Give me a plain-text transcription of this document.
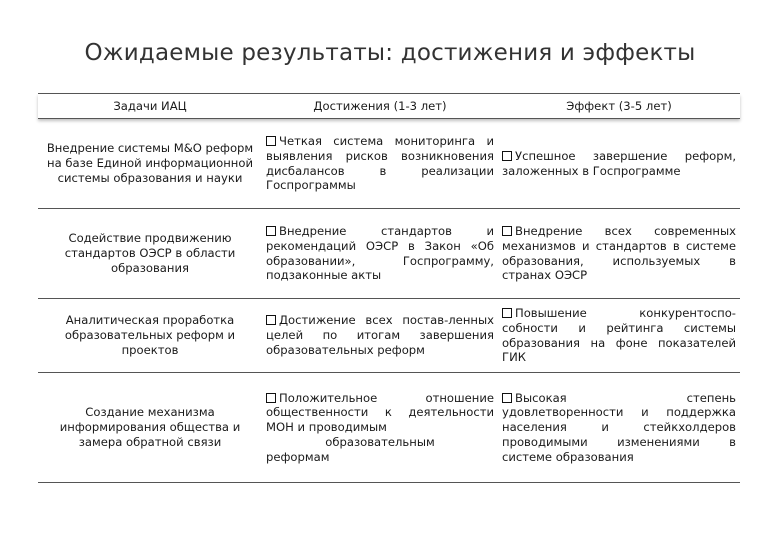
Ожидаемые результаты: достижения и эффекты
Задачи ИАЦ	Достижения (1-3 лет)	Эффект (3-5 лет)
Внедрение системы М&О реформ на базе Единой информационной системы образования и науки	Четкая система мониторинга и выявления рисков возникновения дисбалансов в реализации Госпрограммы	Успешное завершение реформ, заложенных в Госпрограмме

Содействие продвижению стандартов ОЭСР в области образования	Внедрение стандартов и рекомендаций ОЭСР в Закон «Об образовании», Госпрограмму, подзаконные акты	Внедрение всех современных механизмов и стандартов в системе образования, используемых в странах ОЭСР

Аналитическая проработка образовательных реформ и проектов	Достижение всех постав-ленных целей по итогам завершения образовательных реформ	Повышение конкурентоспо-собности и рейтинга системы образования на фоне показателей ГИК

Создание механизма информирования общества и замера обратной связи	Положительное отношение общественности к деятельности МОН и проводимым
образовательным
реформам	Высокая степень удовлетворенности и поддержка населения и стейкхолдеров проводимыми изменениями в системе образования
